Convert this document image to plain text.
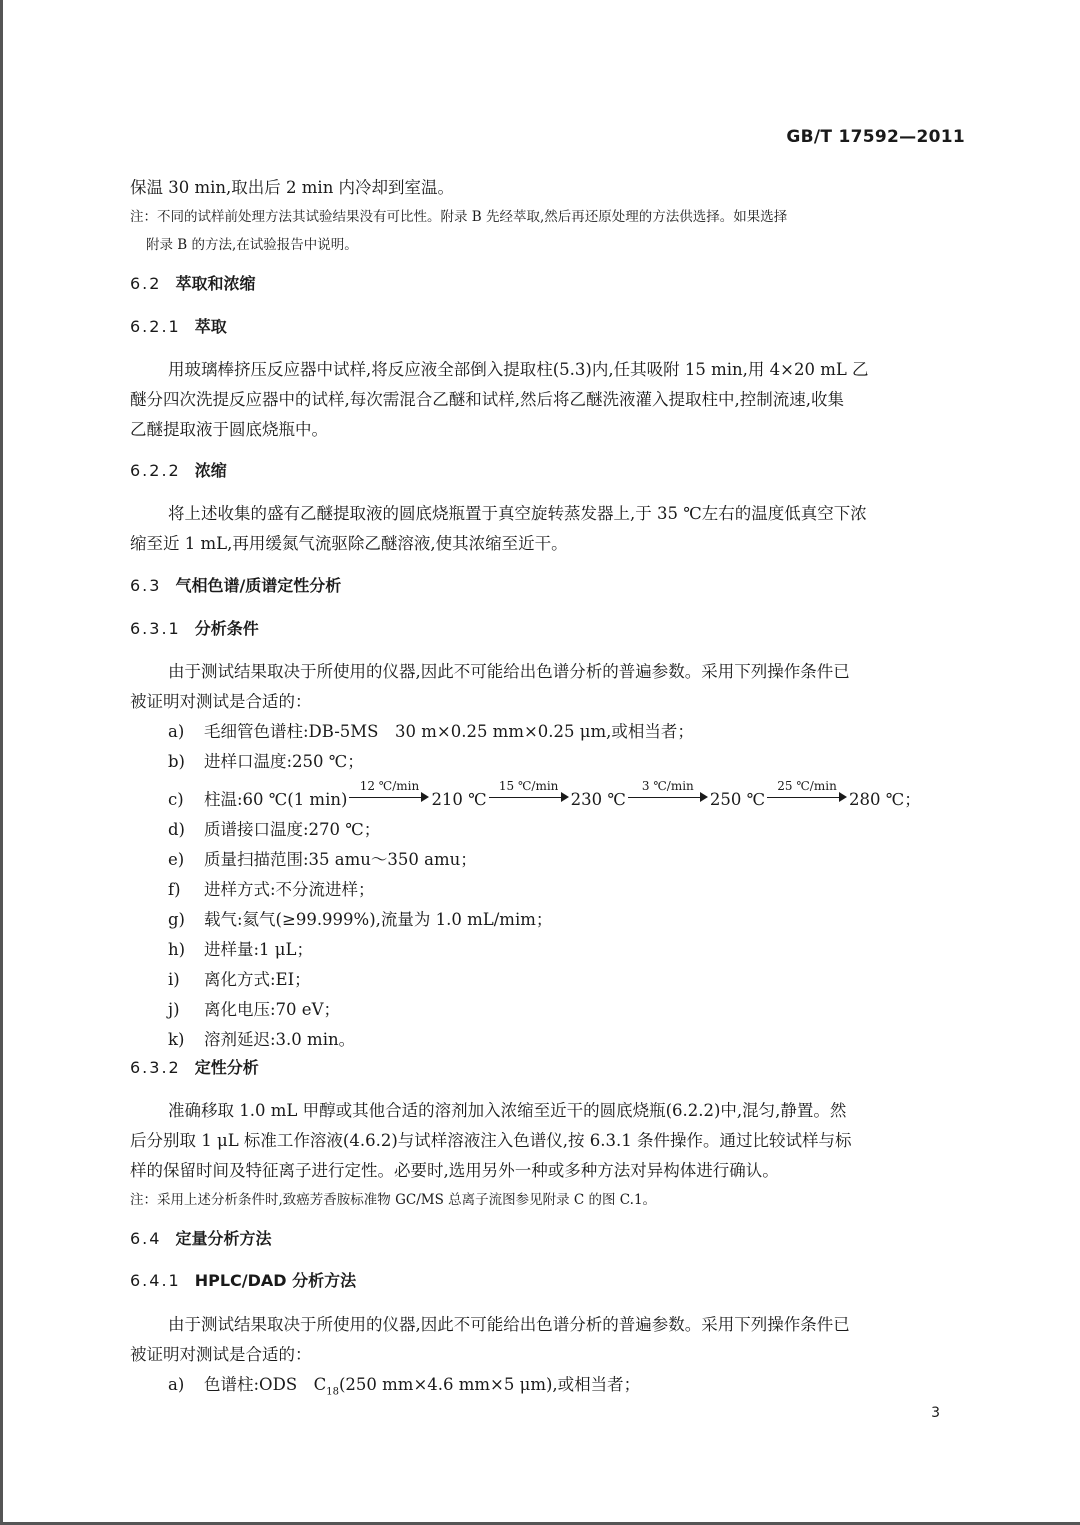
GB/T 17592—2011

保温 30 min,取出后 2 min 内冷却到室温。

注：不同的试样前处理方法其试验结果没有可比性。附录 B 先经萃取,然后再还原处理的方法供选择。如果选择

附录 B 的方法,在试验报告中说明。

6.2 萃取和浓缩

6.2.1 萃取

用玻璃棒挤压反应器中试样,将反应液全部倒入提取柱(5.3)内,任其吸附 15 min,用 4×20 mL 乙

醚分四次洗提反应器中的试样,每次需混合乙醚和试样,然后将乙醚洗液灌入提取柱中,控制流速,收集

乙醚提取液于圆底烧瓶中。

6.2.2 浓缩

将上述收集的盛有乙醚提取液的圆底烧瓶置于真空旋转蒸发器上,于 35 ℃左右的温度低真空下浓

缩至近 1 mL,再用缓氮气流驱除乙醚溶液,使其浓缩至近干。

6.3 气相色谱/质谱定性分析

6.3.1 分析条件

由于测试结果取决于所使用的仪器,因此不可能给出色谱分析的普遍参数。采用下列操作条件已

被证明对测试是合适的：

a) 毛细管色谱柱:DB-5MS　30 m×0.25 mm×0.25 μm,或相当者；

b) 进样口温度:250 ℃；

c) 柱温:60 ℃(1 min)
12 ℃/min
210 ℃
15 ℃/min
230 ℃
3 ℃/min
250 ℃
25 ℃/min
280 ℃；

d) 质谱接口温度:270 ℃；

e) 质量扫描范围:35 amu～350 amu；

f) 进样方式:不分流进样；

g) 载气:氦气(≥99.999%),流量为 1.0 mL/mim；

h) 进样量:1 μL；

i) 离化方式:EI；

j) 离化电压:70 eV；

k) 溶剂延迟:3.0 min。

6.3.2 定性分析

准确移取 1.0 mL 甲醇或其他合适的溶剂加入浓缩至近干的圆底烧瓶(6.2.2)中,混匀,静置。然

后分别取 1 μL 标准工作溶液(4.6.2)与试样溶液注入色谱仪,按 6.3.1 条件操作。通过比较试样与标

样的保留时间及特征离子进行定性。必要时,选用另外一种或多种方法对异构体进行确认。

注：采用上述分析条件时,致癌芳香胺标准物 GC/MS 总离子流图参见附录 C 的图 C.1。

6.4 定量分析方法

6.4.1 HPLC/DAD 分析方法

由于测试结果取决于所使用的仪器,因此不可能给出色谱分析的普遍参数。采用下列操作条件已

被证明对测试是合适的：

a) 色谱柱:ODS　$C_{18}(250$ mm×4.6 mm×5 μm),或相当者；

3
